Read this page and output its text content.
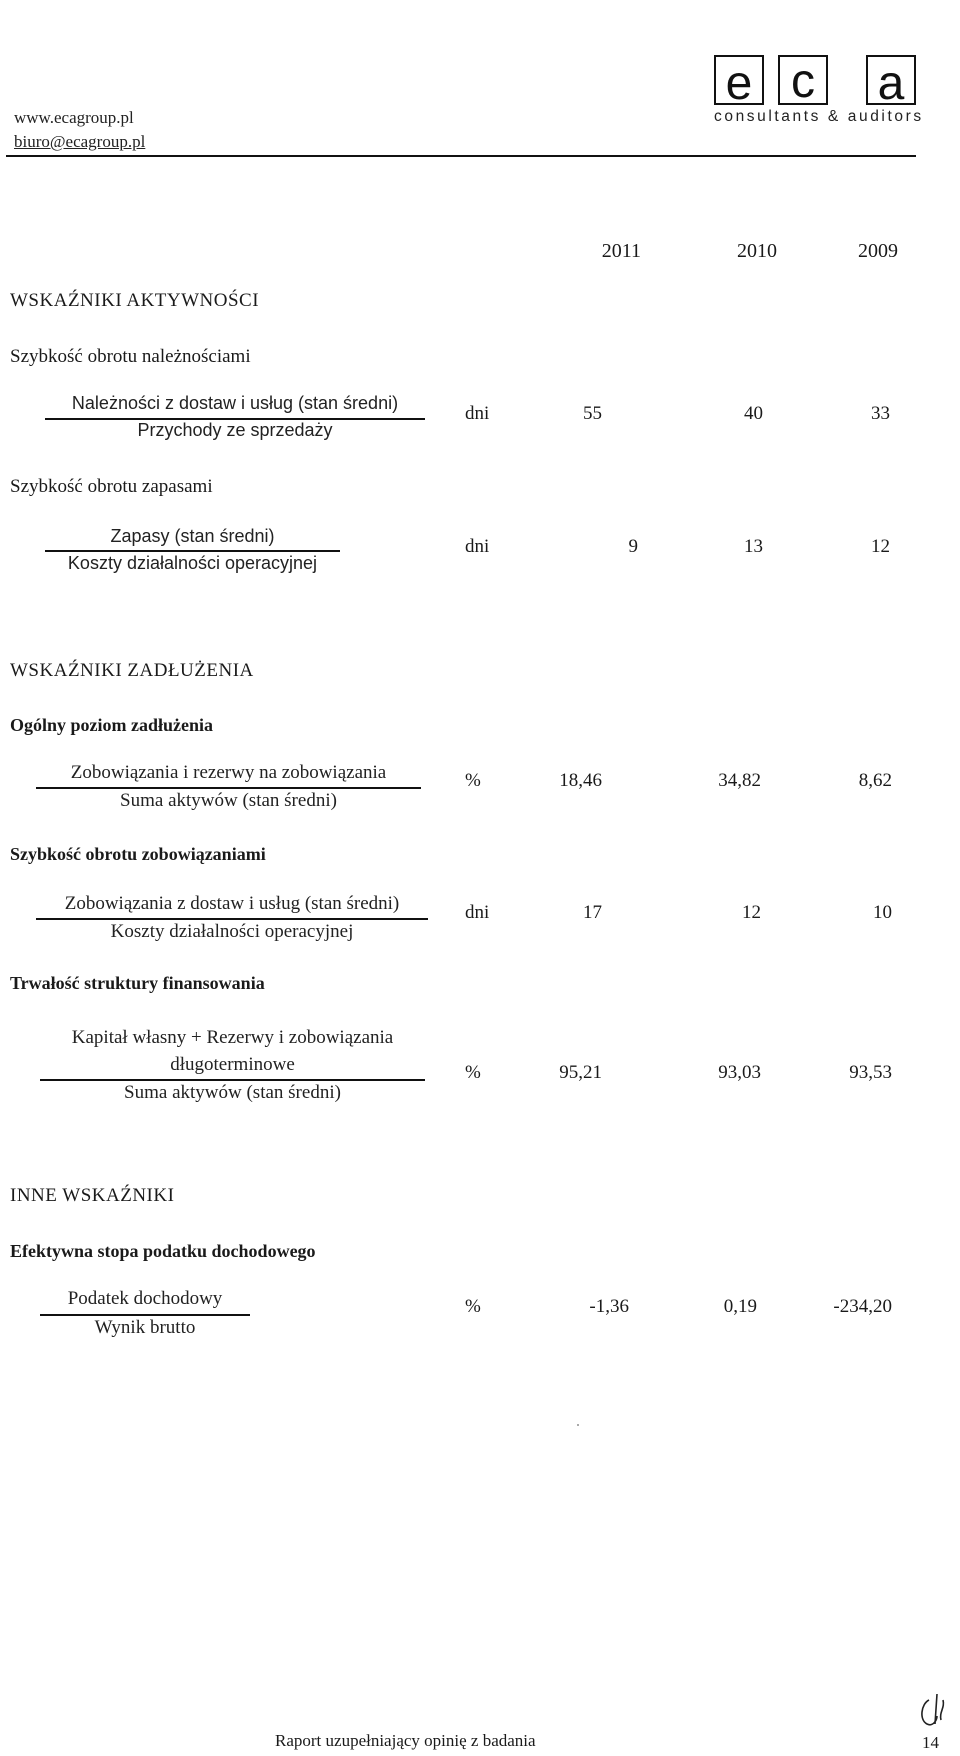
www.ecagroup.pl
biuro@ecagroup.pl
e c a
consultants & auditors
2011	2010	2009
WSKAŹNIKI AKTYWNOŚCI
Szybkość obrotu należnościami
Należności z dostaw i usług (stan średni)
Przychody ze sprzedaży
dni	55	40	33
Szybkość obrotu zapasami
Zapasy (stan średni)
Koszty działalności operacyjnej
dni	9	13	12
WSKAŹNIKI ZADŁUŻENIA
Ogólny poziom zadłużenia
Zobowiązania i rezerwy na zobowiązania
Suma aktywów (stan średni)
%	18,46	34,82	8,62
Szybkość obrotu zobowiązaniami
Zobowiązania z dostaw i usług (stan średni)
Koszty działalności operacyjnej
dni	17	12	10
Trwałość struktury finansowania
Kapitał własny + Rezerwy i zobowiązania
długoterminowe
Suma aktywów (stan średni)
%	95,21	93,03	93,53
INNE WSKAŹNIKI
Efektywna stopa podatku dochodowego
Podatek dochodowy
Wynik brutto
%	-1,36	0,19	-234,20
Raport uzupełniający opinię z badania	14
